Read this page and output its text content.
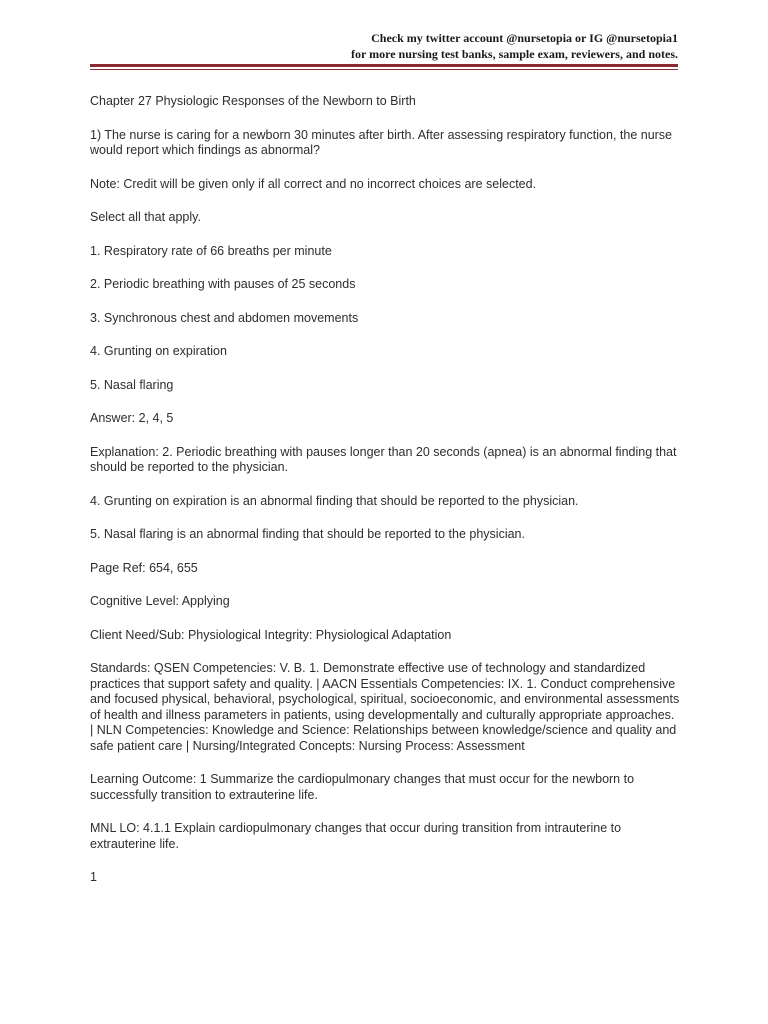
Check my twitter account @nursetopia or IG @nursetopia1
for more nursing test banks, sample exam, reviewers, and notes.

Chapter 27 Physiologic Responses of the Newborn to Birth

1) The nurse is caring for a newborn 30 minutes after birth. After assessing respiratory function, the nurse would report which findings as abnormal?

Note: Credit will be given only if all correct and no incorrect choices are selected.

Select all that apply.

1. Respiratory rate of 66 breaths per minute

2. Periodic breathing with pauses of 25 seconds

3. Synchronous chest and abdomen movements

4. Grunting on expiration

5. Nasal flaring

Answer: 2, 4, 5

Explanation: 2. Periodic breathing with pauses longer than 20 seconds (apnea) is an abnormal finding that should be reported to the physician.

4. Grunting on expiration is an abnormal finding that should be reported to the physician.

5. Nasal flaring is an abnormal finding that should be reported to the physician.

Page Ref: 654, 655

Cognitive Level: Applying

Client Need/Sub: Physiological Integrity: Physiological Adaptation

Standards: QSEN Competencies: V. B. 1. Demonstrate effective use of technology and standardized practices that support safety and quality. | AACN Essentials Competencies: IX. 1. Conduct comprehensive and focused physical, behavioral, psychological, spiritual, socioeconomic, and environmental assessments of health and illness parameters in patients, using developmentally and culturally appropriate approaches. | NLN Competencies: Knowledge and Science: Relationships between knowledge/science and quality and safe patient care | Nursing/Integrated Concepts: Nursing Process: Assessment

Learning Outcome: 1 Summarize the cardiopulmonary changes that must occur for the newborn to successfully transition to extrauterine life.

MNL LO: 4.1.1 Explain cardiopulmonary changes that occur during transition from intrauterine to extrauterine life.

1
